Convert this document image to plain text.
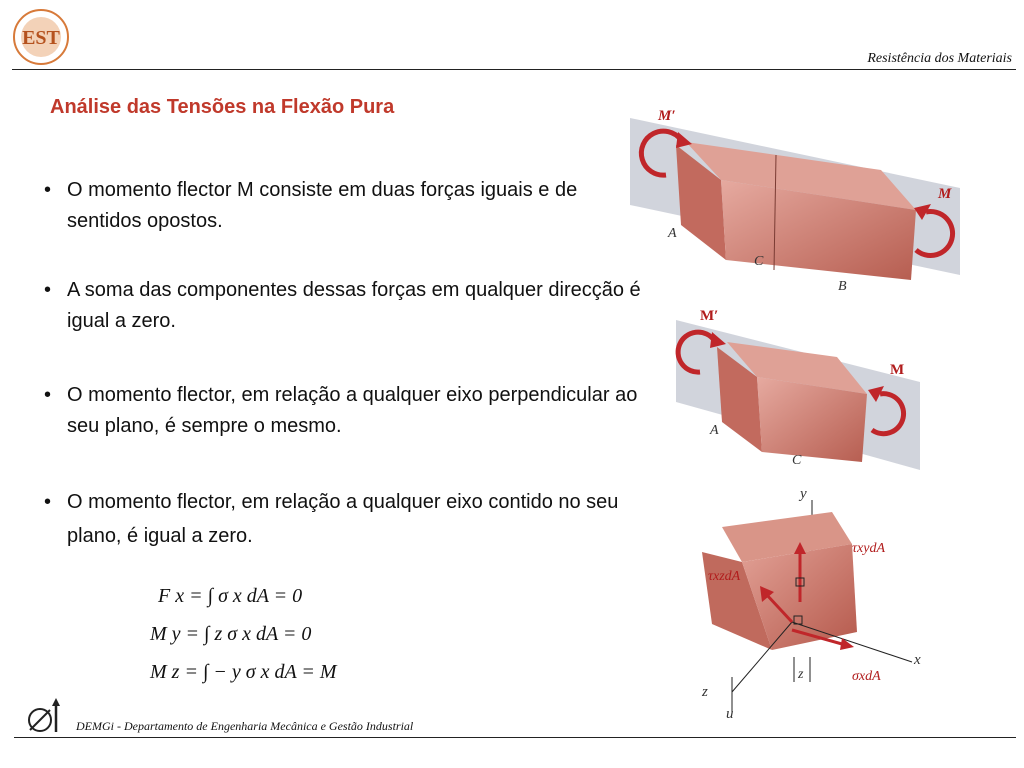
EST
Resistência dos Materiais
Análise das Tensões na Flexão Pura
• O momento flector M consiste em duas forças iguais e de sentidos opostos.
• A soma das componentes dessas forças em qualquer direcção é igual a zero.
• O momento flector, em relação a qualquer eixo perpendicular ao seu plano, é sempre o mesmo.
• O momento flector, em relação a qualquer eixo contido no seu plano, é igual a zero.
F x = ∫ σ x dA = 0
M y = ∫ z σ x dA = 0
M z = ∫ − y σ x dA = M
M′
M
A
C
B
M′
M
A
C
y
x
z
u
z
τxydA
τxzdA
σxdA
DEMGi - Departamento de Engenharia Mecânica e Gestão Industrial
